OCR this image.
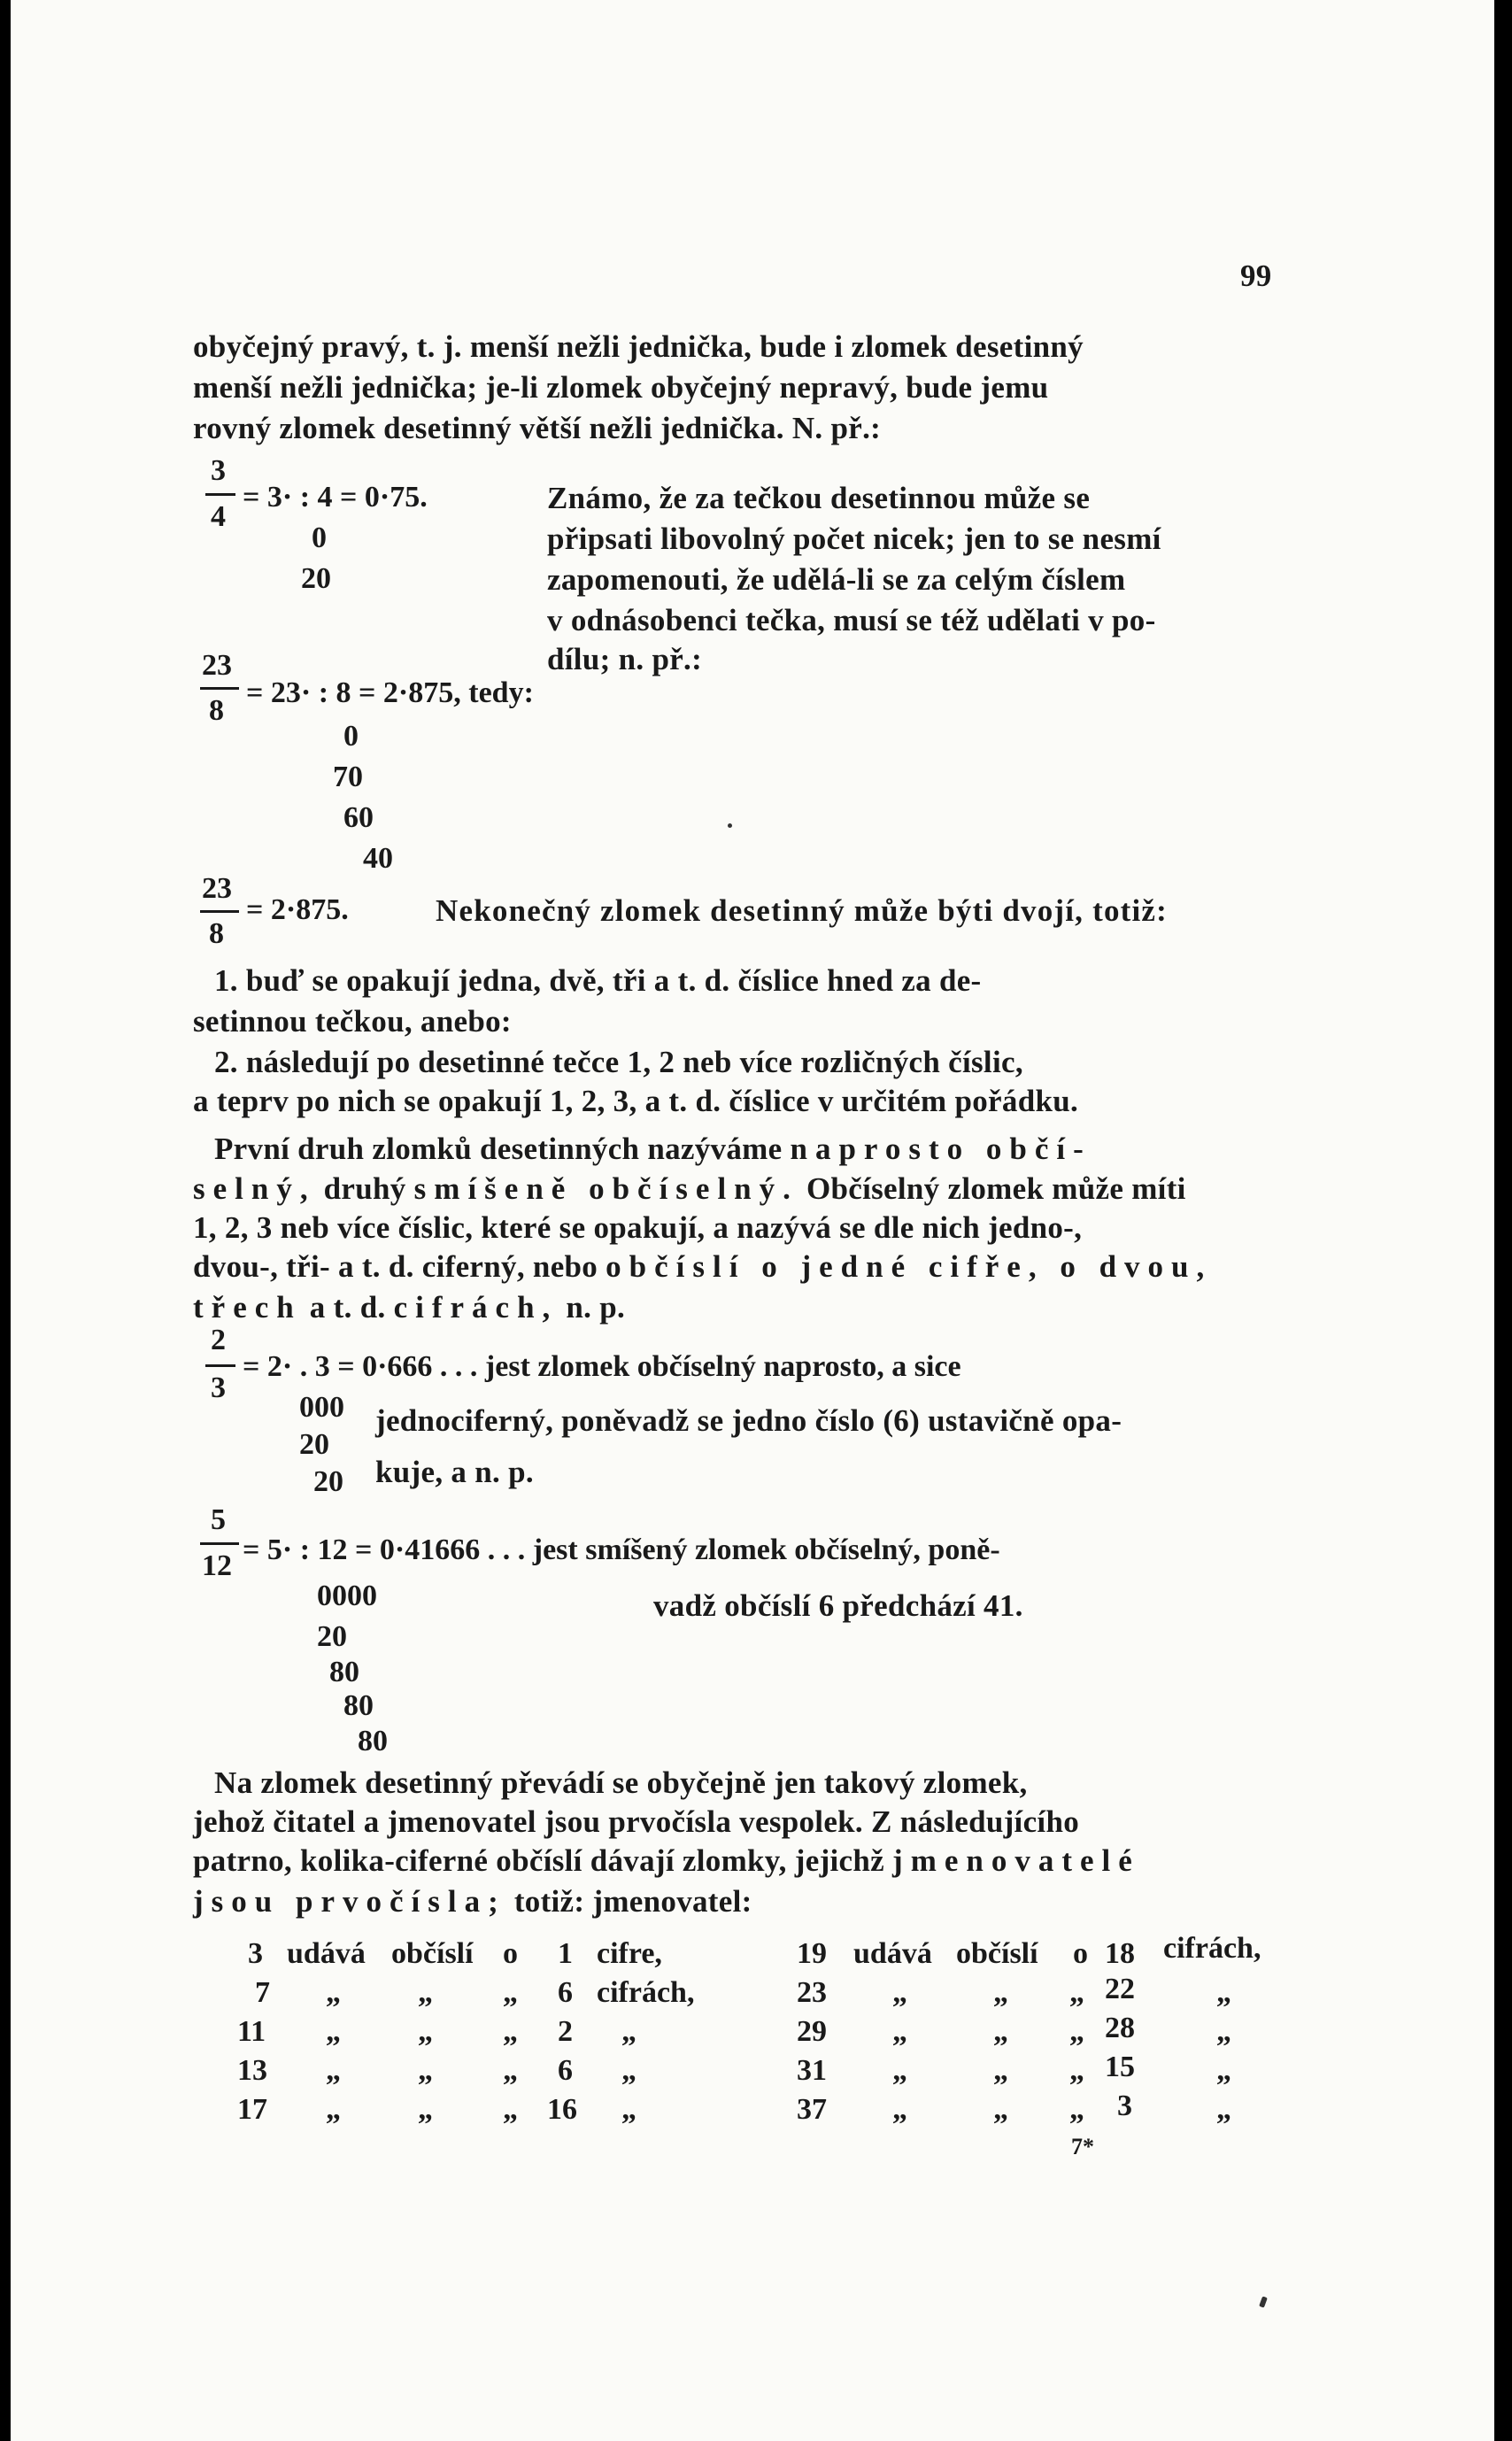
99
obyčejný pravý, t. j. menší nežli jednička, bude i zlomek desetinný
menší nežli jednička; je-li zlomek obyčejný nepravý, bude jemu
rovný zlomek desetinný větší nežli jednička. N. př.:
3
4
= 3· : 4 = 0·75.
0
20
Známo, že za tečkou desetinnou může se
připsati libovolný počet nicek; jen to se nesmí
zapomenouti, že udělá-li se za celým číslem
v odnásobenci tečka, musí se též udělati v po-
dílu; n. př.:
23
8
= 23· : 8 = 2·875, tedy:
0
70
60
40
23
8
= 2·875.	Nekonečný zlomek desetinný může býti dvojí, totiž:
1. buď se opakují jedna, dvě, tři a t. d. číslice hned za de-
setinnou tečkou, anebo:
2. následují po desetinné tečce 1, 2 neb více rozličných číslic,
a teprv po nich se opakují 1, 2, 3, a t. d. číslice v určitém pořádku.
První druh zlomků desetinných nazýváme naprosto občí-
selný, druhý smíšeně občíselný. Občíselný zlomek může míti
1, 2, 3 neb více číslic, které se opakují, a nazývá se dle nich jedno-,
dvou-, tři- a t. d. ciferný, nebo občíslí o jedné cifře, o dvou,
třech a t. d. cifrách, n. p.
2
3
= 2· . 3 = 0·666 . . . jest zlomek občíselný naprosto, a sice
000
20
20
jednociferný, poněvadž se jedno číslo (6) ustavičně opa-
kuje, a n. p.
5
12 = 5· : 12 = 0·41666 . . . jest smíšený zlomek občíselný, poně-
0000
20
80
80
80
vadž občíslí 6 předchází 41.
Na zlomek desetinný převádí se obyčejně jen takový zlomek,
jehož čitatel a jmenovatel jsou prvočísla vespolek. Z následujícího
patrno, kolika-ciferné občíslí dávají zlomky, jejichž jmenovatelé
jsou prvočísla; totiž: jmenovatel:
3 udává občíslí o 1 cifre,
7 „	„ „ 6 cifrách,
11 „	„ „ 2 „
13 „	„ „ 6 „
17 „	„ „ 16 „
19 udává občíslí o 18 cifrách,
23 „	„ „ 22	„
29 „	„ „ 28	„
31 „	„ „ 15	„
37 „	„ „ 3	„
7*
